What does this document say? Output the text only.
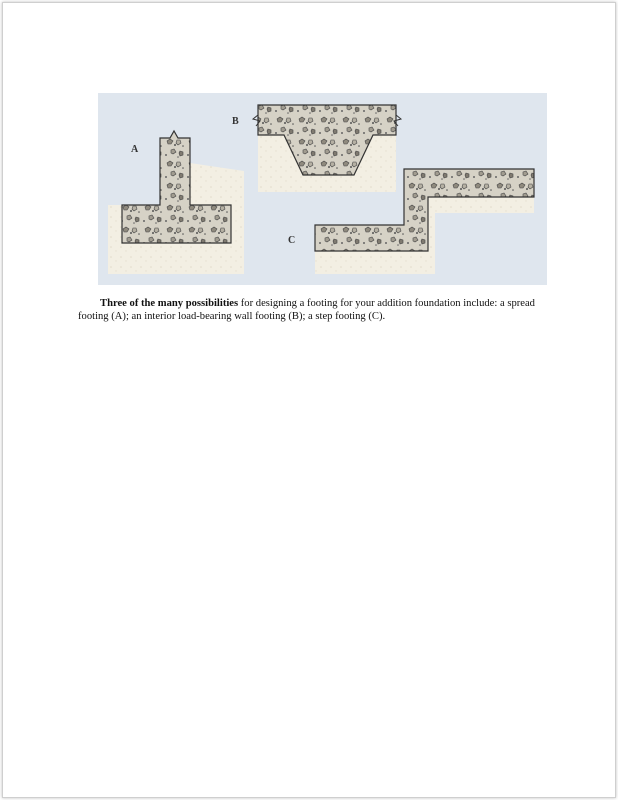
A
B
C

Three of the many possibilities for designing a footing for your addition foundation include: a spread footing (A); an interior load-bearing wall footing (B); a step footing (C).
